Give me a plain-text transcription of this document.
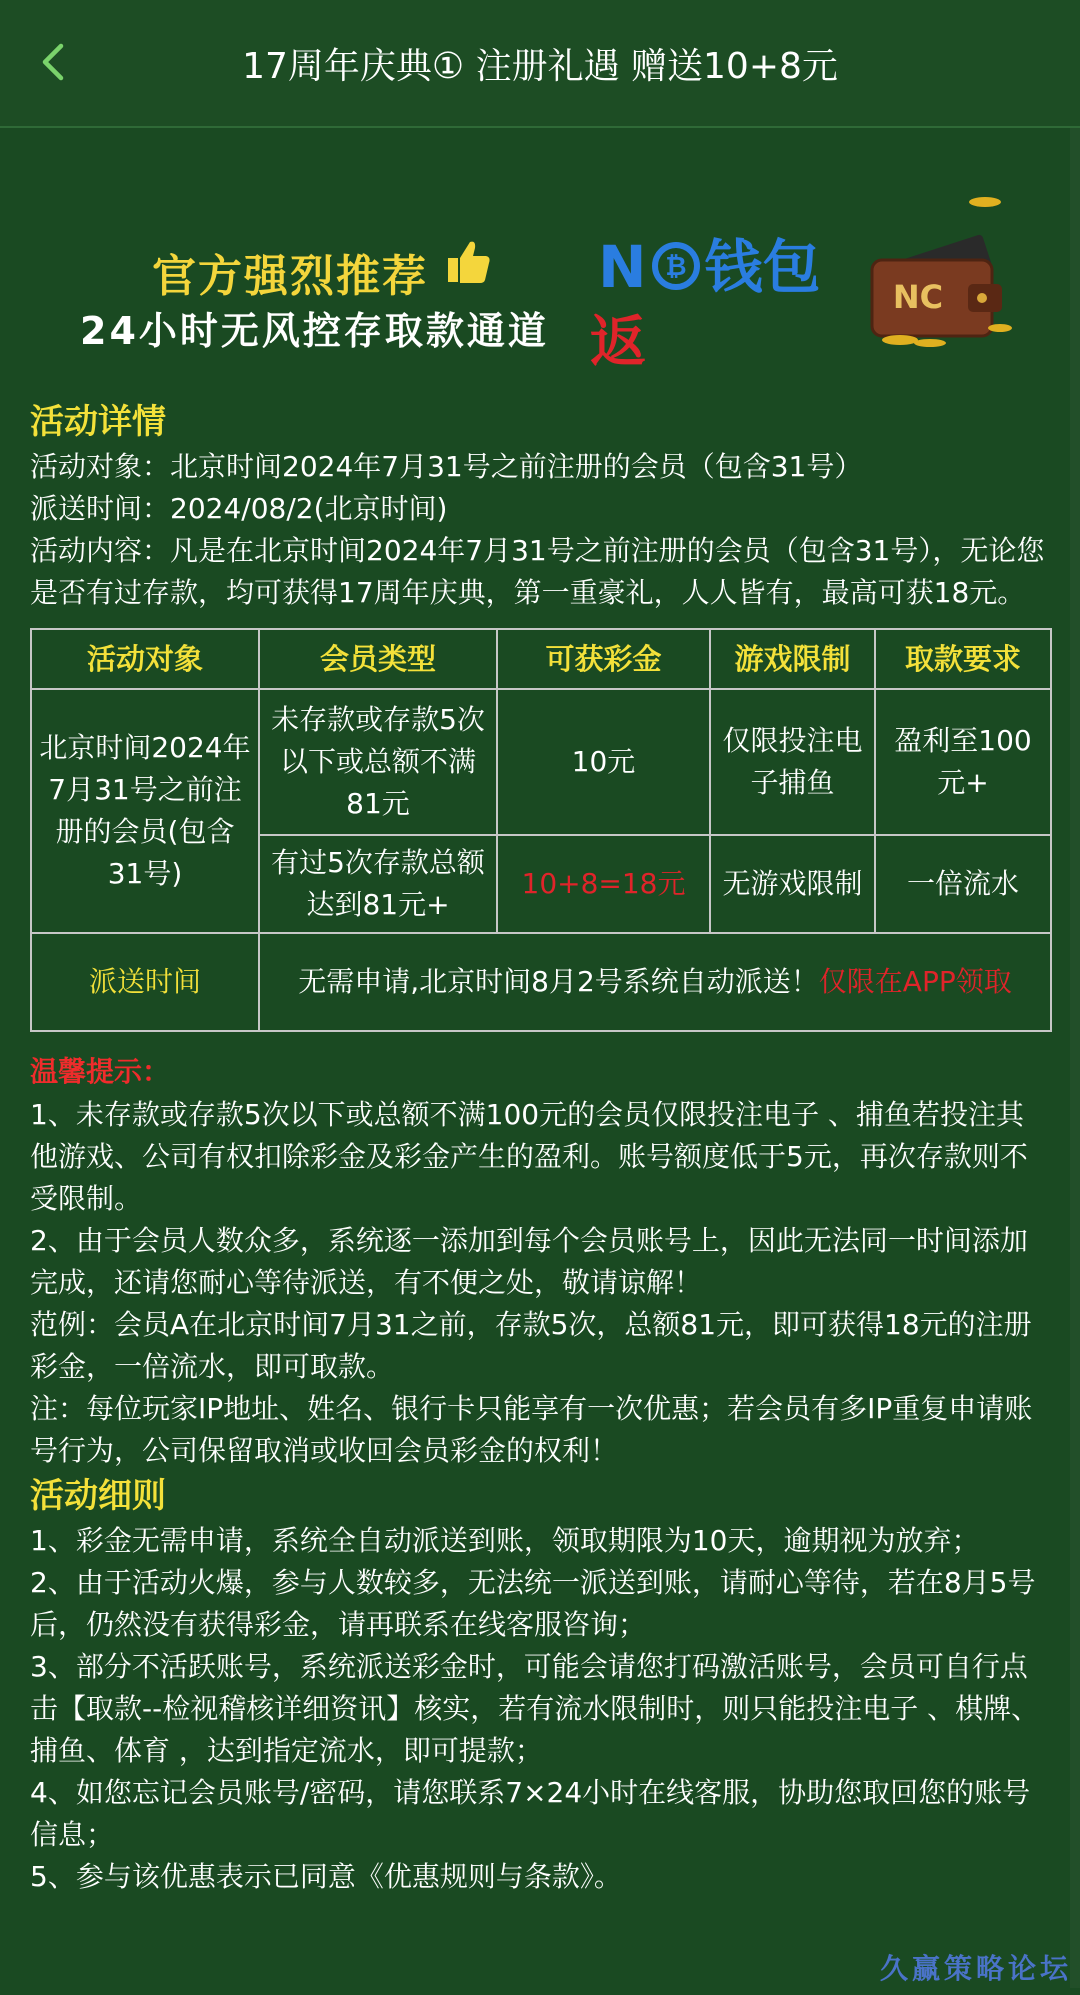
17周年庆典① 注册礼遇 赠送10+8元
官方强烈推荐
24小时无风控存取款通道
N ₿ 钱包
返
NC
活动详情

活动对象：北京时间2024年7月31号之前注册的会员（包含31号）

派送时间：2024/08/2(北京时间)

活动内容：凡是在北京时间2024年7月31号之前注册的会员（包含31号），无论您是否有过存款，均可获得17周年庆典，第一重豪礼，人人皆有，最高可获18元。

活动对象	会员类型	可获彩金	游戏限制	取款要求
北京时间2024年7月31号之前注册的会员(包含31号)	未存款或存款5次以下或总额不满81元	10元	仅限投注电子捕鱼	盈利至100元+
	有过5次存款总额达到81元+	10+8=18元	无游戏限制	一倍流水
派送时间	无需申请,北京时间8月2号系统自动派送！仅限在APP领取			
温馨提示：

1、未存款或存款5次以下或总额不满100元的会员仅限投注电子 、捕鱼若投注其他游戏、公司有权扣除彩金及彩金产生的盈利。账号额度低于5元，再次存款则不受限制。

2、由于会员人数众多，系统逐一添加到每个会员账号上，因此无法同一时间添加完成，还请您耐心等待派送，有不便之处，敬请谅解！

范例：会员A在北京时间7月31之前，存款5次，总额81元，即可获得18元的注册彩金，一倍流水，即可取款。

注：每位玩家IP地址、姓名、银行卡只能享有一次优惠；若会员有多IP重复申请账号行为，公司保留取消或收回会员彩金的权利！

活动细则

1、彩金无需申请，系统全自动派送到账，领取期限为10天，逾期视为放弃；

2、由于活动火爆，参与人数较多，无法统一派送到账，请耐心等待，若在8月5号后，仍然没有获得彩金，请再联系在线客服咨询；

3、部分不活跃账号，系统派送彩金时，可能会请您打码激活账号，会员可自行点击【取款--检视稽核详细资讯】核实，若有流水限制时，则只能投注电子 、棋牌、捕鱼、体育 ，达到指定流水，即可提款；

4、如您忘记会员账号/密码，请您联系7×24小时在线客服，协助您取回您的账号信息；

5、参与该优惠表示已同意《优惠规则与条款》。

久赢策略论坛
